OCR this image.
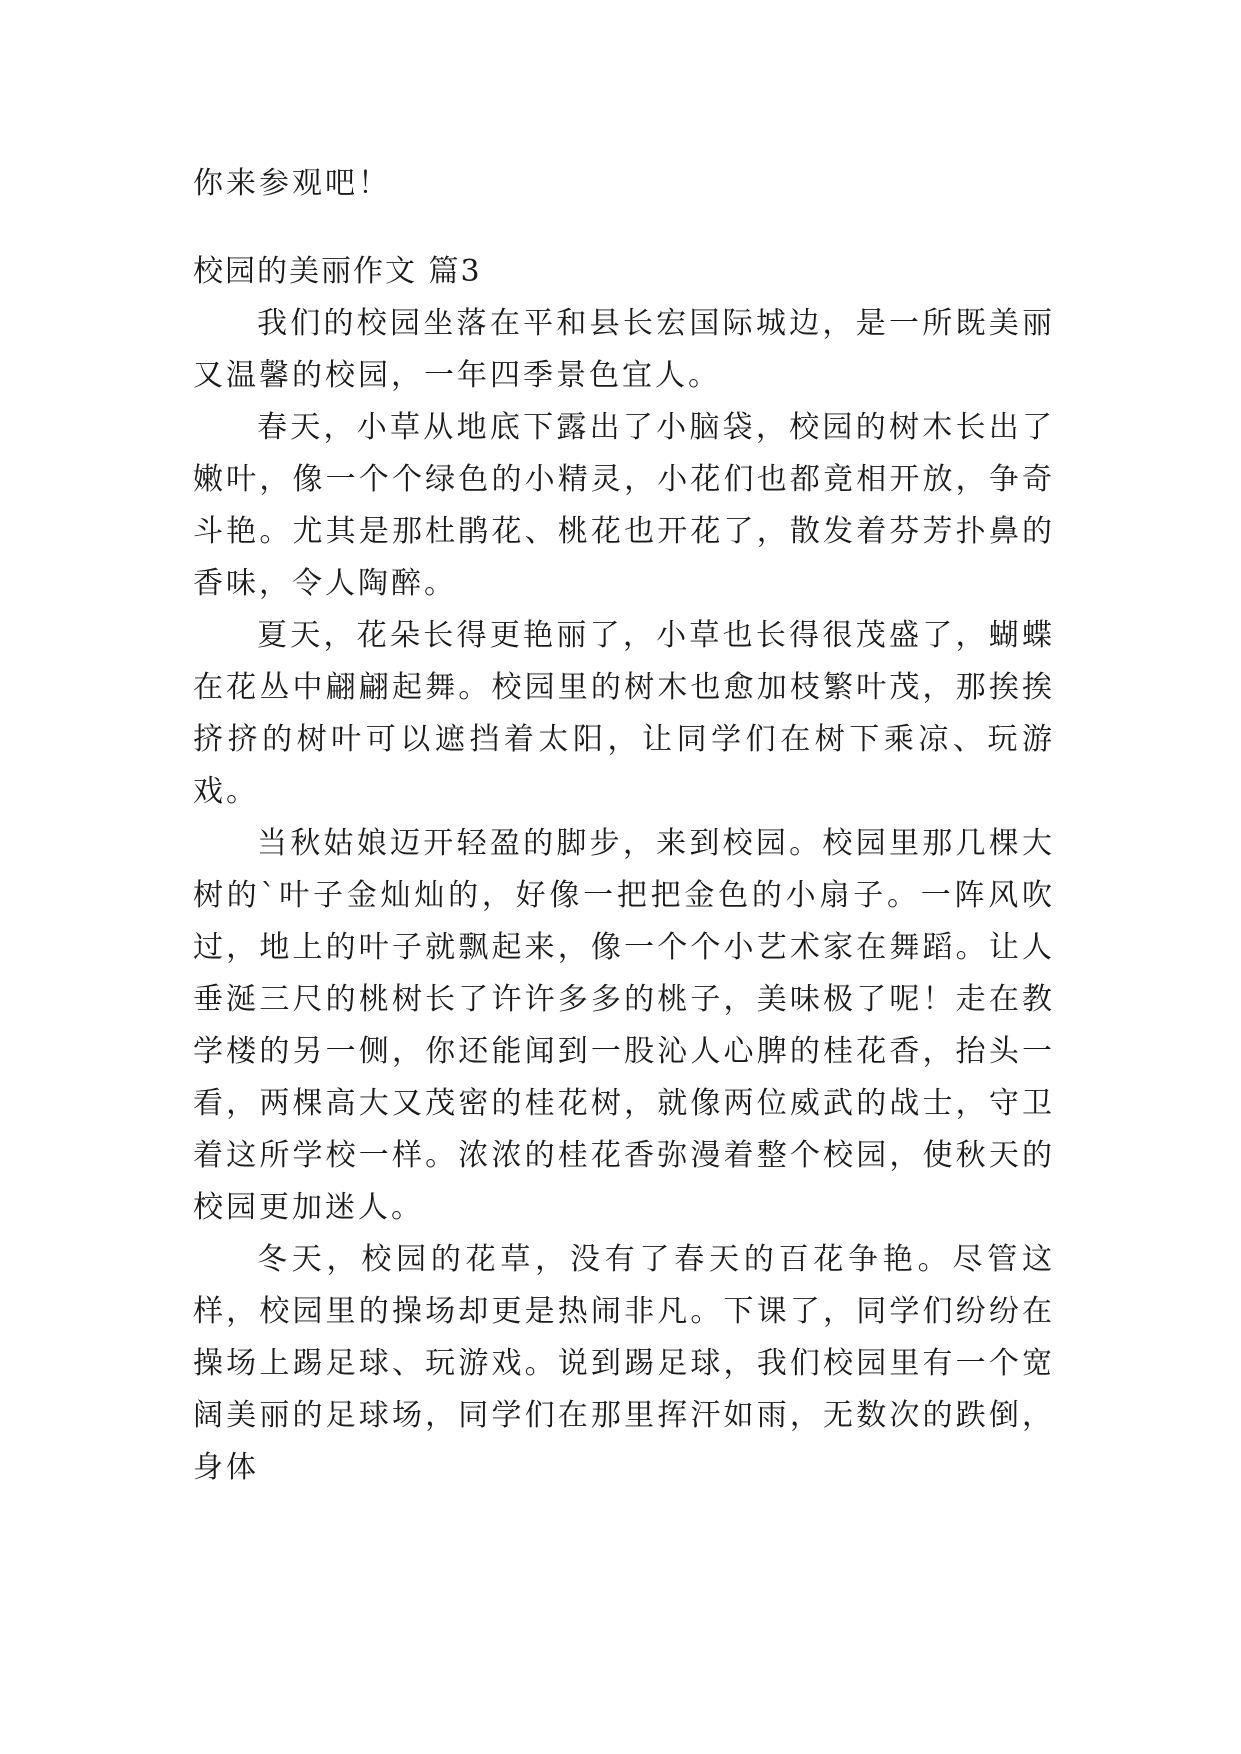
你来参观吧！

校园的美丽作文 篇3

我们的校园坐落在平和县长宏国际城边，是一所既美丽又温馨的校园，一年四季景色宜人。

春天，小草从地底下露出了小脑袋，校园的树木长出了嫩叶，像一个个绿色的小精灵，小花们也都竟相开放，争奇斗艳。尤其是那杜鹃花、桃花也开花了，散发着芬芳扑鼻的香味，令人陶醉。

夏天，花朵长得更艳丽了，小草也长得很茂盛了，蝴蝶在花丛中翩翩起舞。校园里的树木也愈加枝繁叶茂，那挨挨挤挤的树叶可以遮挡着太阳，让同学们在树下乘凉、玩游戏。

当秋姑娘迈开轻盈的脚步，来到校园。校园里那几棵大树的`叶子金灿灿的，好像一把把金色的小扇子。一阵风吹过，地上的叶子就飘起来，像一个个小艺术家在舞蹈。让人垂涎三尺的桃树长了许许多多的桃子，美味极了呢！走在教学楼的另一侧，你还能闻到一股沁人心脾的桂花香，抬头一看，两棵高大又茂密的桂花树，就像两位威武的战士，守卫着这所学校一样。浓浓的桂花香弥漫着整个校园，使秋天的校园更加迷人。

冬天，校园的花草，没有了春天的百花争艳。尽管这样，校园里的操场却更是热闹非凡。下课了，同学们纷纷在操场上踢足球、玩游戏。说到踢足球，我们校园里有一个宽阔美丽的足球场，同学们在那里挥汗如雨，无数次的跌倒，身体
